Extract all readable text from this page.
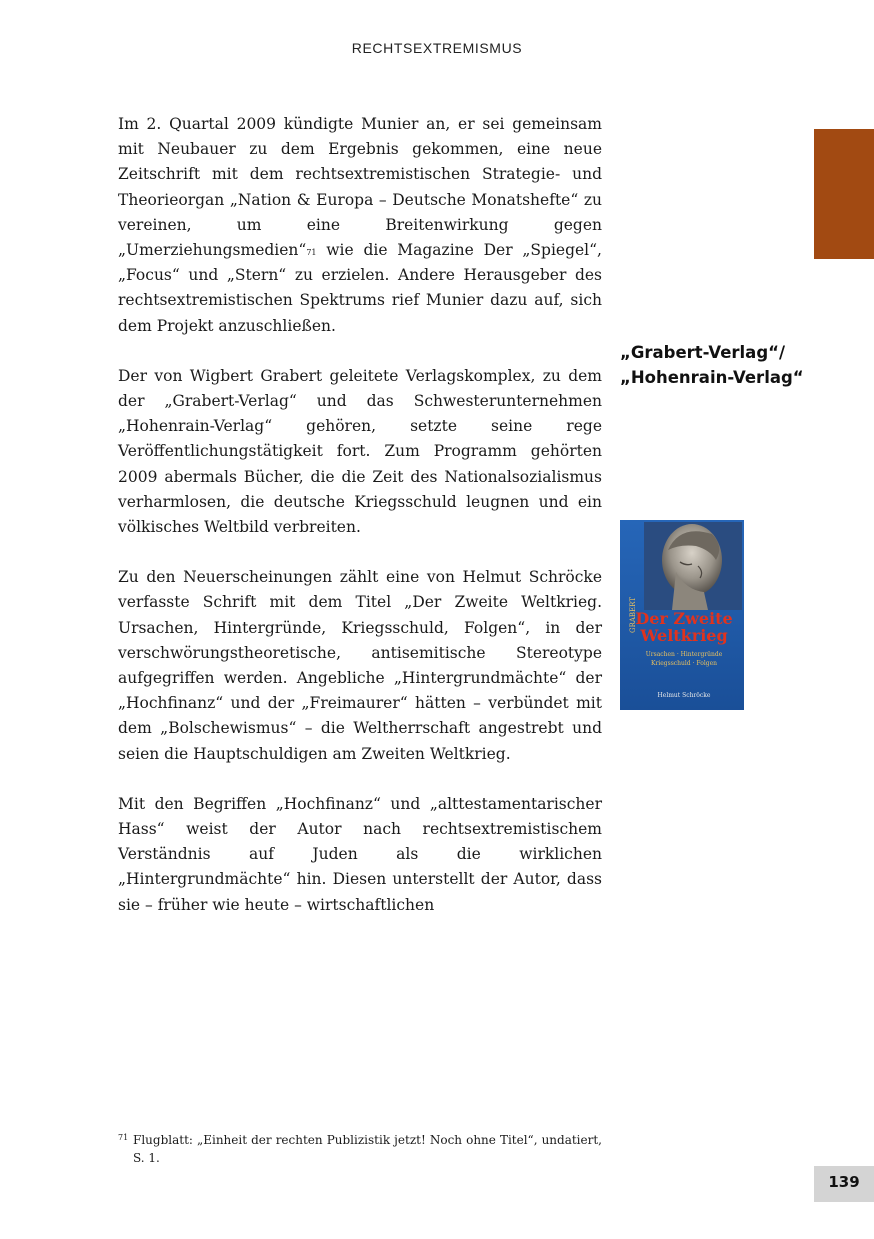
RECHTSEXTREMISMUS

Im 2. Quartal 2009 kündigte Munier an, er sei gemeinsam mit Neubauer zu dem Ergebnis gekommen, eine neue Zeitschrift mit dem rechtsextremistischen Strategie- und Theorieorgan „Nation & Europa – Deutsche Monatshefte“ zu vereinen, um eine Breitenwirkung gegen „Umerziehungsmedien“$^{71}$ wie die Magazine Der „Spiegel“, „Focus“ und „Stern“ zu erzielen. Andere Herausgeber des rechtsextremistischen Spektrums rief Munier dazu auf, sich dem Projekt anzuschließen.

Der von Wigbert Grabert geleitete Verlagskomplex, zu dem der „Grabert-Verlag“ und das Schwesterunternehmen „Hohenrain-Verlag“ gehören, setzte seine rege Veröffentlichungstätigkeit fort. Zum Programm gehörten 2009 abermals Bücher, die die Zeit des Nationalsozialismus verharmlosen, die deutsche Kriegsschuld leugnen und ein völkisches Weltbild verbreiten.

Zu den Neuerscheinungen zählt eine von Helmut Schröcke verfasste Schrift mit dem Titel „Der Zweite Weltkrieg. Ursachen, Hintergründe, Kriegsschuld, Folgen“, in der verschwörungstheoretische, antisemitische Stereotype aufgegriffen werden. Angebliche „Hintergrundmächte“ der „Hochfinanz“ und der „Freimaurer“ hätten – verbündet mit dem „Bolschewismus“ – die Weltherrschaft angestrebt und seien die Hauptschuldigen am Zweiten Weltkrieg.

Mit den Begriffen „Hochfinanz“ und „alttestamentarischer Hass“ weist der Autor nach rechtsextremistischem Verständnis auf Juden als die wirklichen „Hintergrundmächte“ hin. Diesen unterstellt der Autor, dass sie – früher wie heute – wirtschaftlichen

„Grabert-Verlag“/
„Hohenrain-Verlag“
GRABERT
Der Zweite
Weltkrieg
Ursachen · Hintergründe
Kriegsschuld · Folgen
Helmut Schröcke
71 Flugblatt: „Einheit der rechten Publizistik jetzt! Noch ohne Titel“, undatiert, S. 1.
139
